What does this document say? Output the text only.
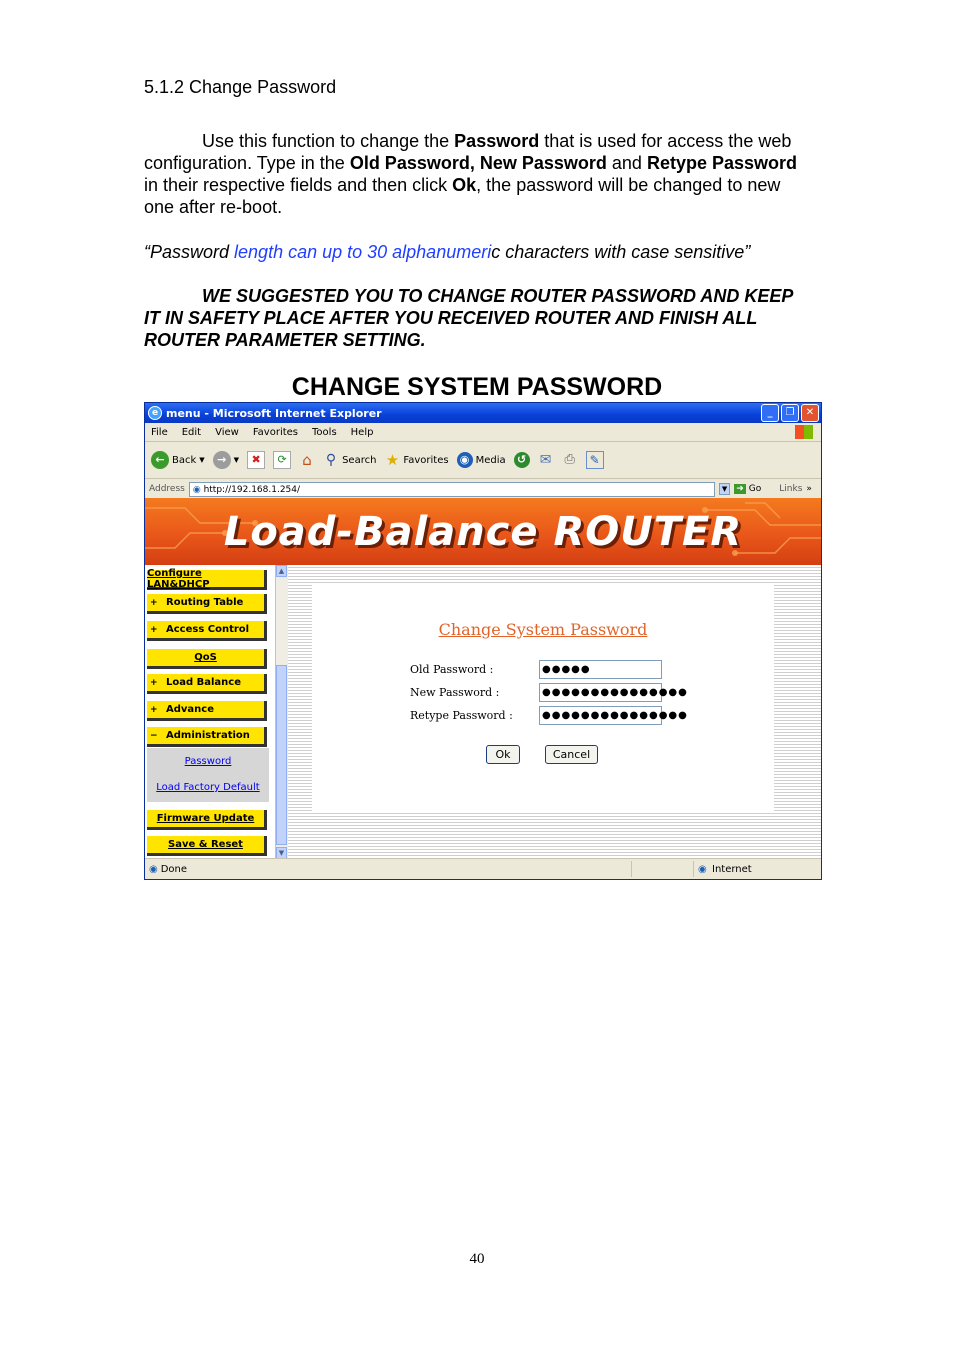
5.1.2 Change Password
Use this function to change the Password that is used for access the web configuration. Type in the Old Password, New Password and Retype Password in their respective fields and then click Ok, the password will be changed to new one after re-boot.
“Password length can up to 30 alphanumeric characters with case sensitive”
WE SUGGESTED YOU TO CHANGE ROUTER PASSWORD AND KEEP IT IN SAFETY PLACE AFTER YOU RECEIVED ROUTER AND FINISH ALL ROUTER PARAMETER SETTING.
CHANGE SYSTEM PASSWORD
e menu - Microsoft Internet Explorer	_	❐	✕
File Edit View Favorites Tools Help
← Back ▼	→	▼	✖	⟳ ⌂ ⚲ Search ★ Favorites ◉ Media	↺ ✉ ⎙	✎
Address ◉ http://192.168.1.254/	▼	➜ Go Links »
Load-Balance ROUTER
Configure LAN&DHCP
+ Routing Table
+ Access Control
QoS
+ Load Balance
+ Advance
− Administration
Password
Load Factory Default
Firmware Update
Save & Reset
▲
▼
Change System Password
Old Password :	●●●●●
New Password :	●●●●●●●●●●●●●●●
Retype Password :	●●●●●●●●●●●●●●●
Ok	Cancel
◉ Done	◉ Internet
40
